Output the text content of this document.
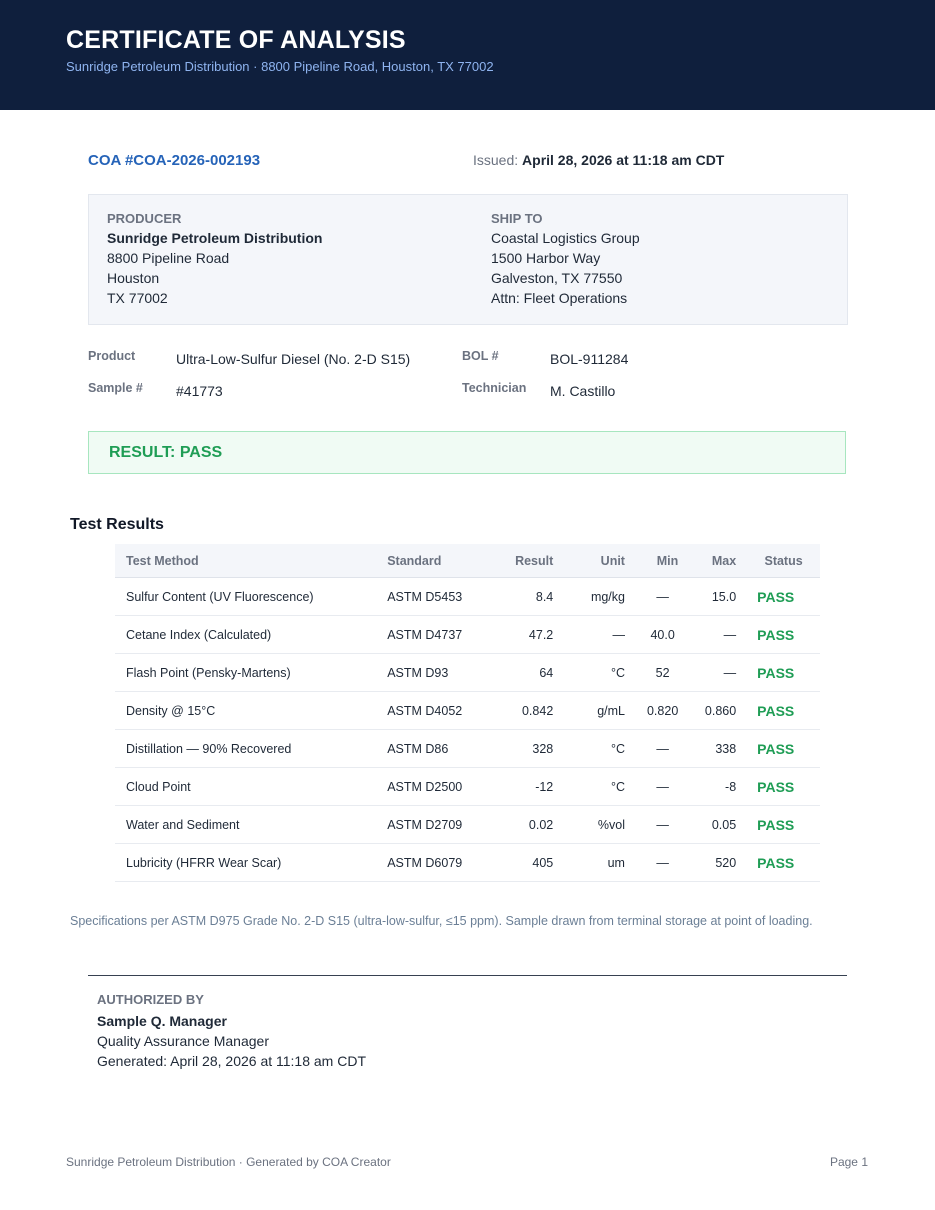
CERTIFICATE OF ANALYSIS
Sunridge Petroleum Distribution · 8800 Pipeline Road, Houston, TX 77002
COA #COA-2026-002193	Issued: April 28, 2026 at 11:18 am CDT
PRODUCER
Sunridge Petroleum Distribution
8800 Pipeline Road
Houston
TX 77002
SHIP TO
Coastal Logistics Group
1500 Harbor Way
Galveston, TX 77550
Attn: Fleet Operations
Product	Ultra-Low-Sulfur Diesel (No. 2-D S15)	BOL #	BOL-911284
Sample # #41773	Technician M. Castillo
RESULT: PASS
Test Results
Test Method	Standard	Result	Unit	Min	Max	Status
Sulfur Content (UV Fluorescence)	ASTM D5453	8.4	mg/kg	—	15.0	PASS
Cetane Index (Calculated)	ASTM D4737	47.2	—	40.0	—	PASS
Flash Point (Pensky-Martens)	ASTM D93	64	°C	52	—	PASS
Density @ 15°C	ASTM D4052	0.842	g/mL	0.820	0.860	PASS
Distillation — 90% Recovered	ASTM D86	328	°C	—	338	PASS
Cloud Point	ASTM D2500	-12	°C	—	-8	PASS
Water and Sediment	ASTM D2709	0.02	%vol	—	0.05	PASS
Lubricity (HFRR Wear Scar)	ASTM D6079	405	um	—	520	PASS
Specifications per ASTM D975 Grade No. 2-D S15 (ultra-low-sulfur, ≤15 ppm). Sample drawn from terminal storage at point of loading.
AUTHORIZED BY
Sample Q. Manager
Quality Assurance Manager
Generated: April 28, 2026 at 11:18 am CDT
Sunridge Petroleum Distribution · Generated by COA Creator	Page 1
